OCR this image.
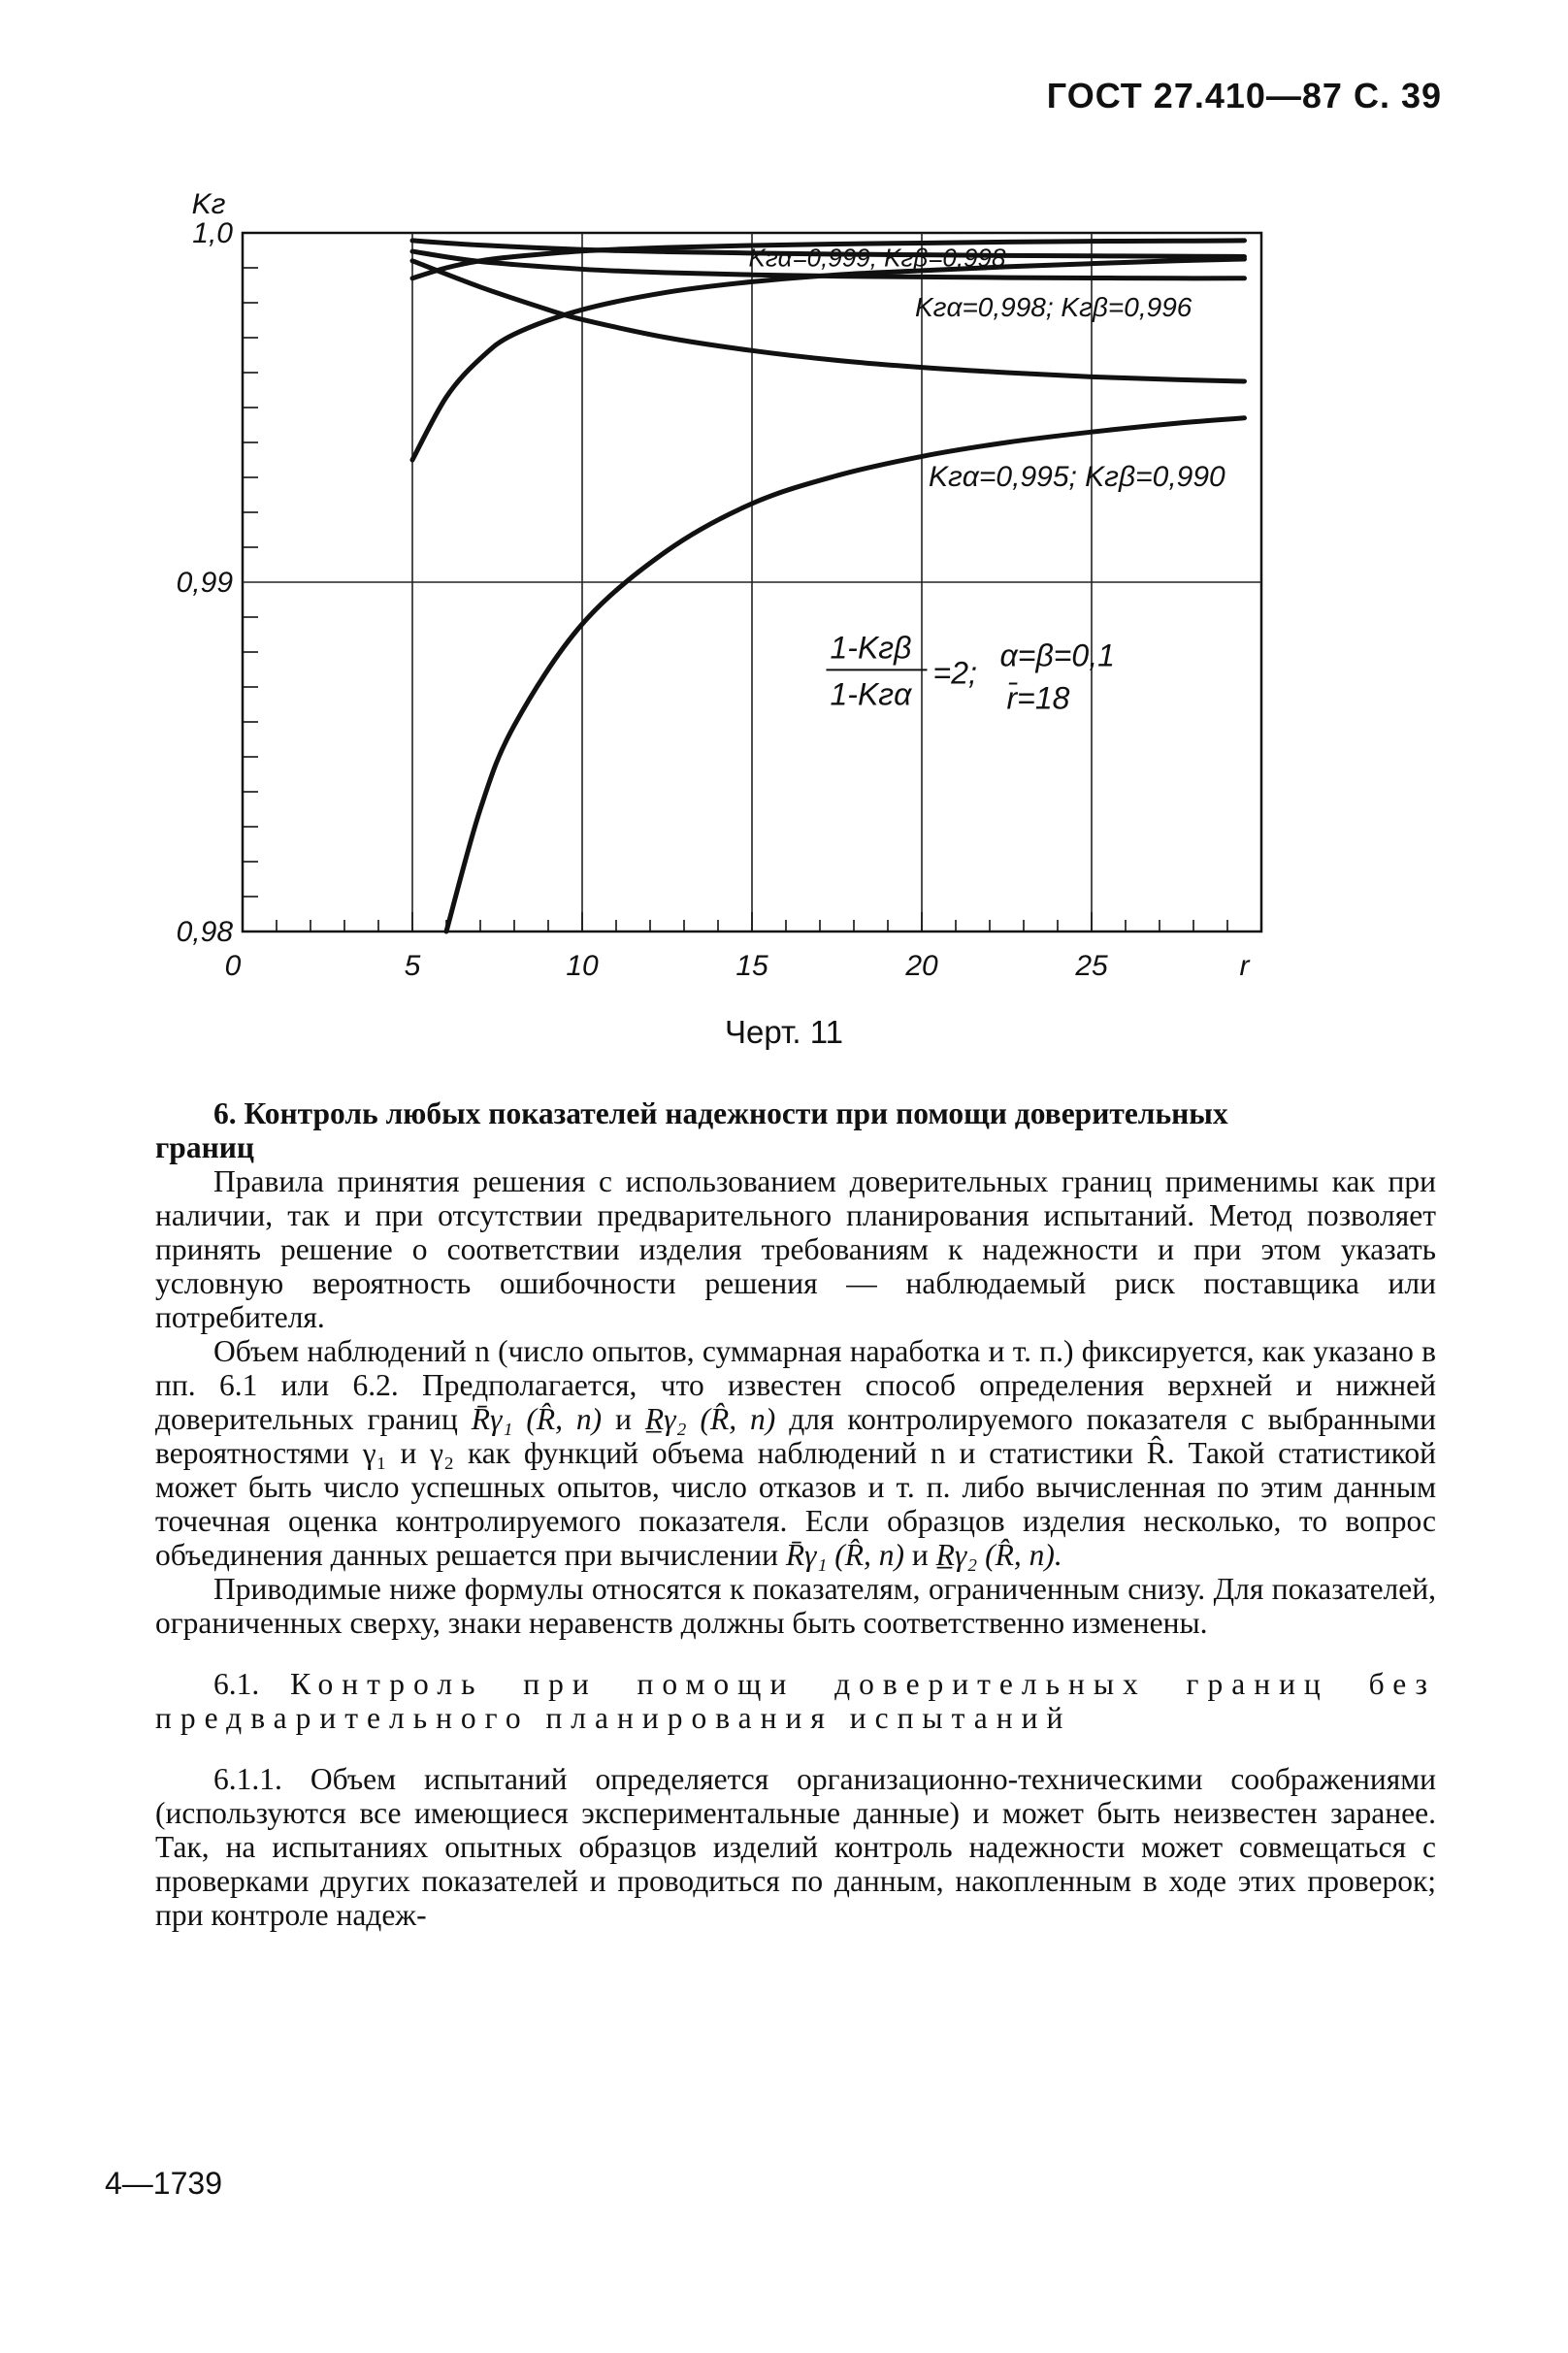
ГОСТ 27.410—87 С. 39
0	5	10	15	20	25	r
0,98
0,99
1,0
Kг
Kгα=0,999; Kгβ=0,998
Kгα=0,998; Kгβ=0,996
Kгα=0,995; Kгβ=0,990
1-Kгβ
1-Kгα
=2; α=β=0,1
r̄=18
Черт. 11

6. Контроль любых показателей надежности при помощи доверительных
границ

Правила принятия решения с использованием доверительных границ применимы как при наличии, так и при отсутствии предварительного планирования испытаний. Метод позволяет принять решение о соответствии изделия требованиям к надежности и при этом указать условную вероятность ошибочности решения — наблюдаемый риск поставщика или потребителя.

Объем наблюдений n (число опытов, суммарная наработка и т. п.) фиксируется, как указано в пп. 6.1 или 6.2. Предполагается, что известен способ определения верхней и нижней доверительных границ R̄γ₁ (R̂, n) и R̲γ₂ (R̂, n) для контролируемого показателя с выбранными вероятностями γ₁ и γ₂ как функций объема наблюдений n и статистики R̂. Такой статистикой может быть число успешных опытов, число отказов и т. п. либо вычисленная по этим данным точечная оценка контролируемого показателя. Если образцов изделия несколько, то вопрос объединения данных решается при вычислении R̄γ₁ (R̂, n) и R̲γ₂ (R̂, n).

Приводимые ниже формулы относятся к показателям, ограниченным снизу. Для показателей, ограниченных сверху, знаки неравенств должны быть соответственно изменены.

6.1. Контроль при помощи доверительных границ без предварительного планирования испытаний

6.1.1. Объем испытаний определяется организационно-техническими соображениями (используются все имеющиеся экспериментальные данные) и может быть неизвестен заранее. Так, на испытаниях опытных образцов изделий контроль надежности может совмещаться с проверками других показателей и проводиться по данным, накопленным в ходе этих проверок; при контроле надеж-

4—1739
